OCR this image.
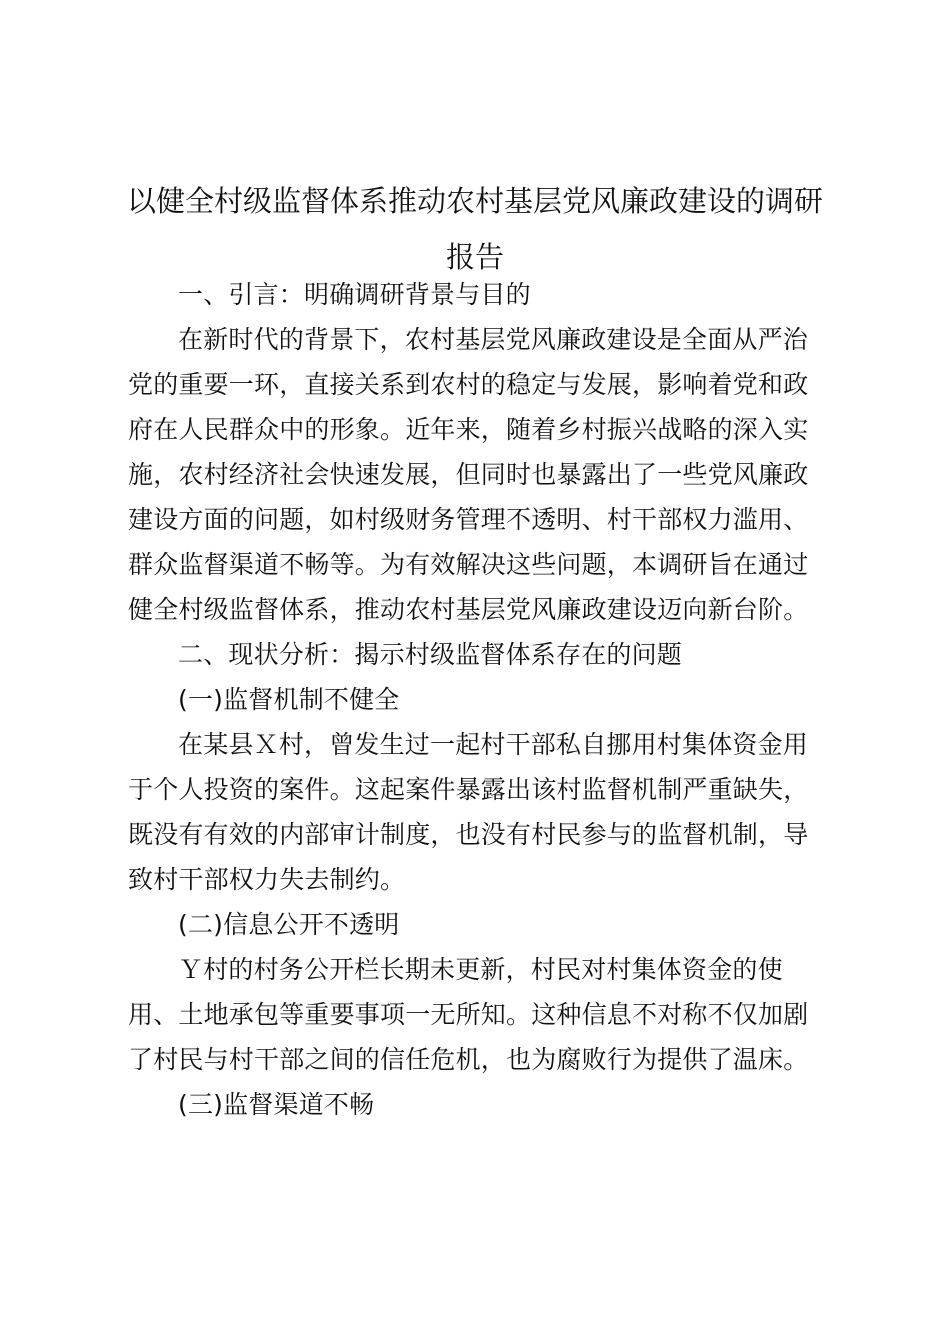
以健全村级监督体系推动农村基层党风廉政建设的调研
报告

一、引言：明确调研背景与目的

在新时代的背景下，农村基层党风廉政建设是全面从严治
党的重要一环，直接关系到农村的稳定与发展，影响着党和政
府在人民群众中的形象。近年来，随着乡村振兴战略的深入实
施，农村经济社会快速发展，但同时也暴露出了一些党风廉政
建设方面的问题，如村级财务管理不透明、村干部权力滥用、
群众监督渠道不畅等。为有效解决这些问题，本调研旨在通过
健全村级监督体系，推动农村基层党风廉政建设迈向新台阶。

二、现状分析：揭示村级监督体系存在的问题

(一)监督机制不健全

在某县Ｘ村，曾发生过一起村干部私自挪用村集体资金用
于个人投资的案件。这起案件暴露出该村监督机制严重缺失，
既没有有效的内部审计制度，也没有村民参与的监督机制，导
致村干部权力失去制约。

(二)信息公开不透明

Ｙ村的村务公开栏长期未更新，村民对村集体资金的使
用、土地承包等重要事项一无所知。这种信息不对称不仅加剧
了村民与村干部之间的信任危机，也为腐败行为提供了温床。

(三)监督渠道不畅
